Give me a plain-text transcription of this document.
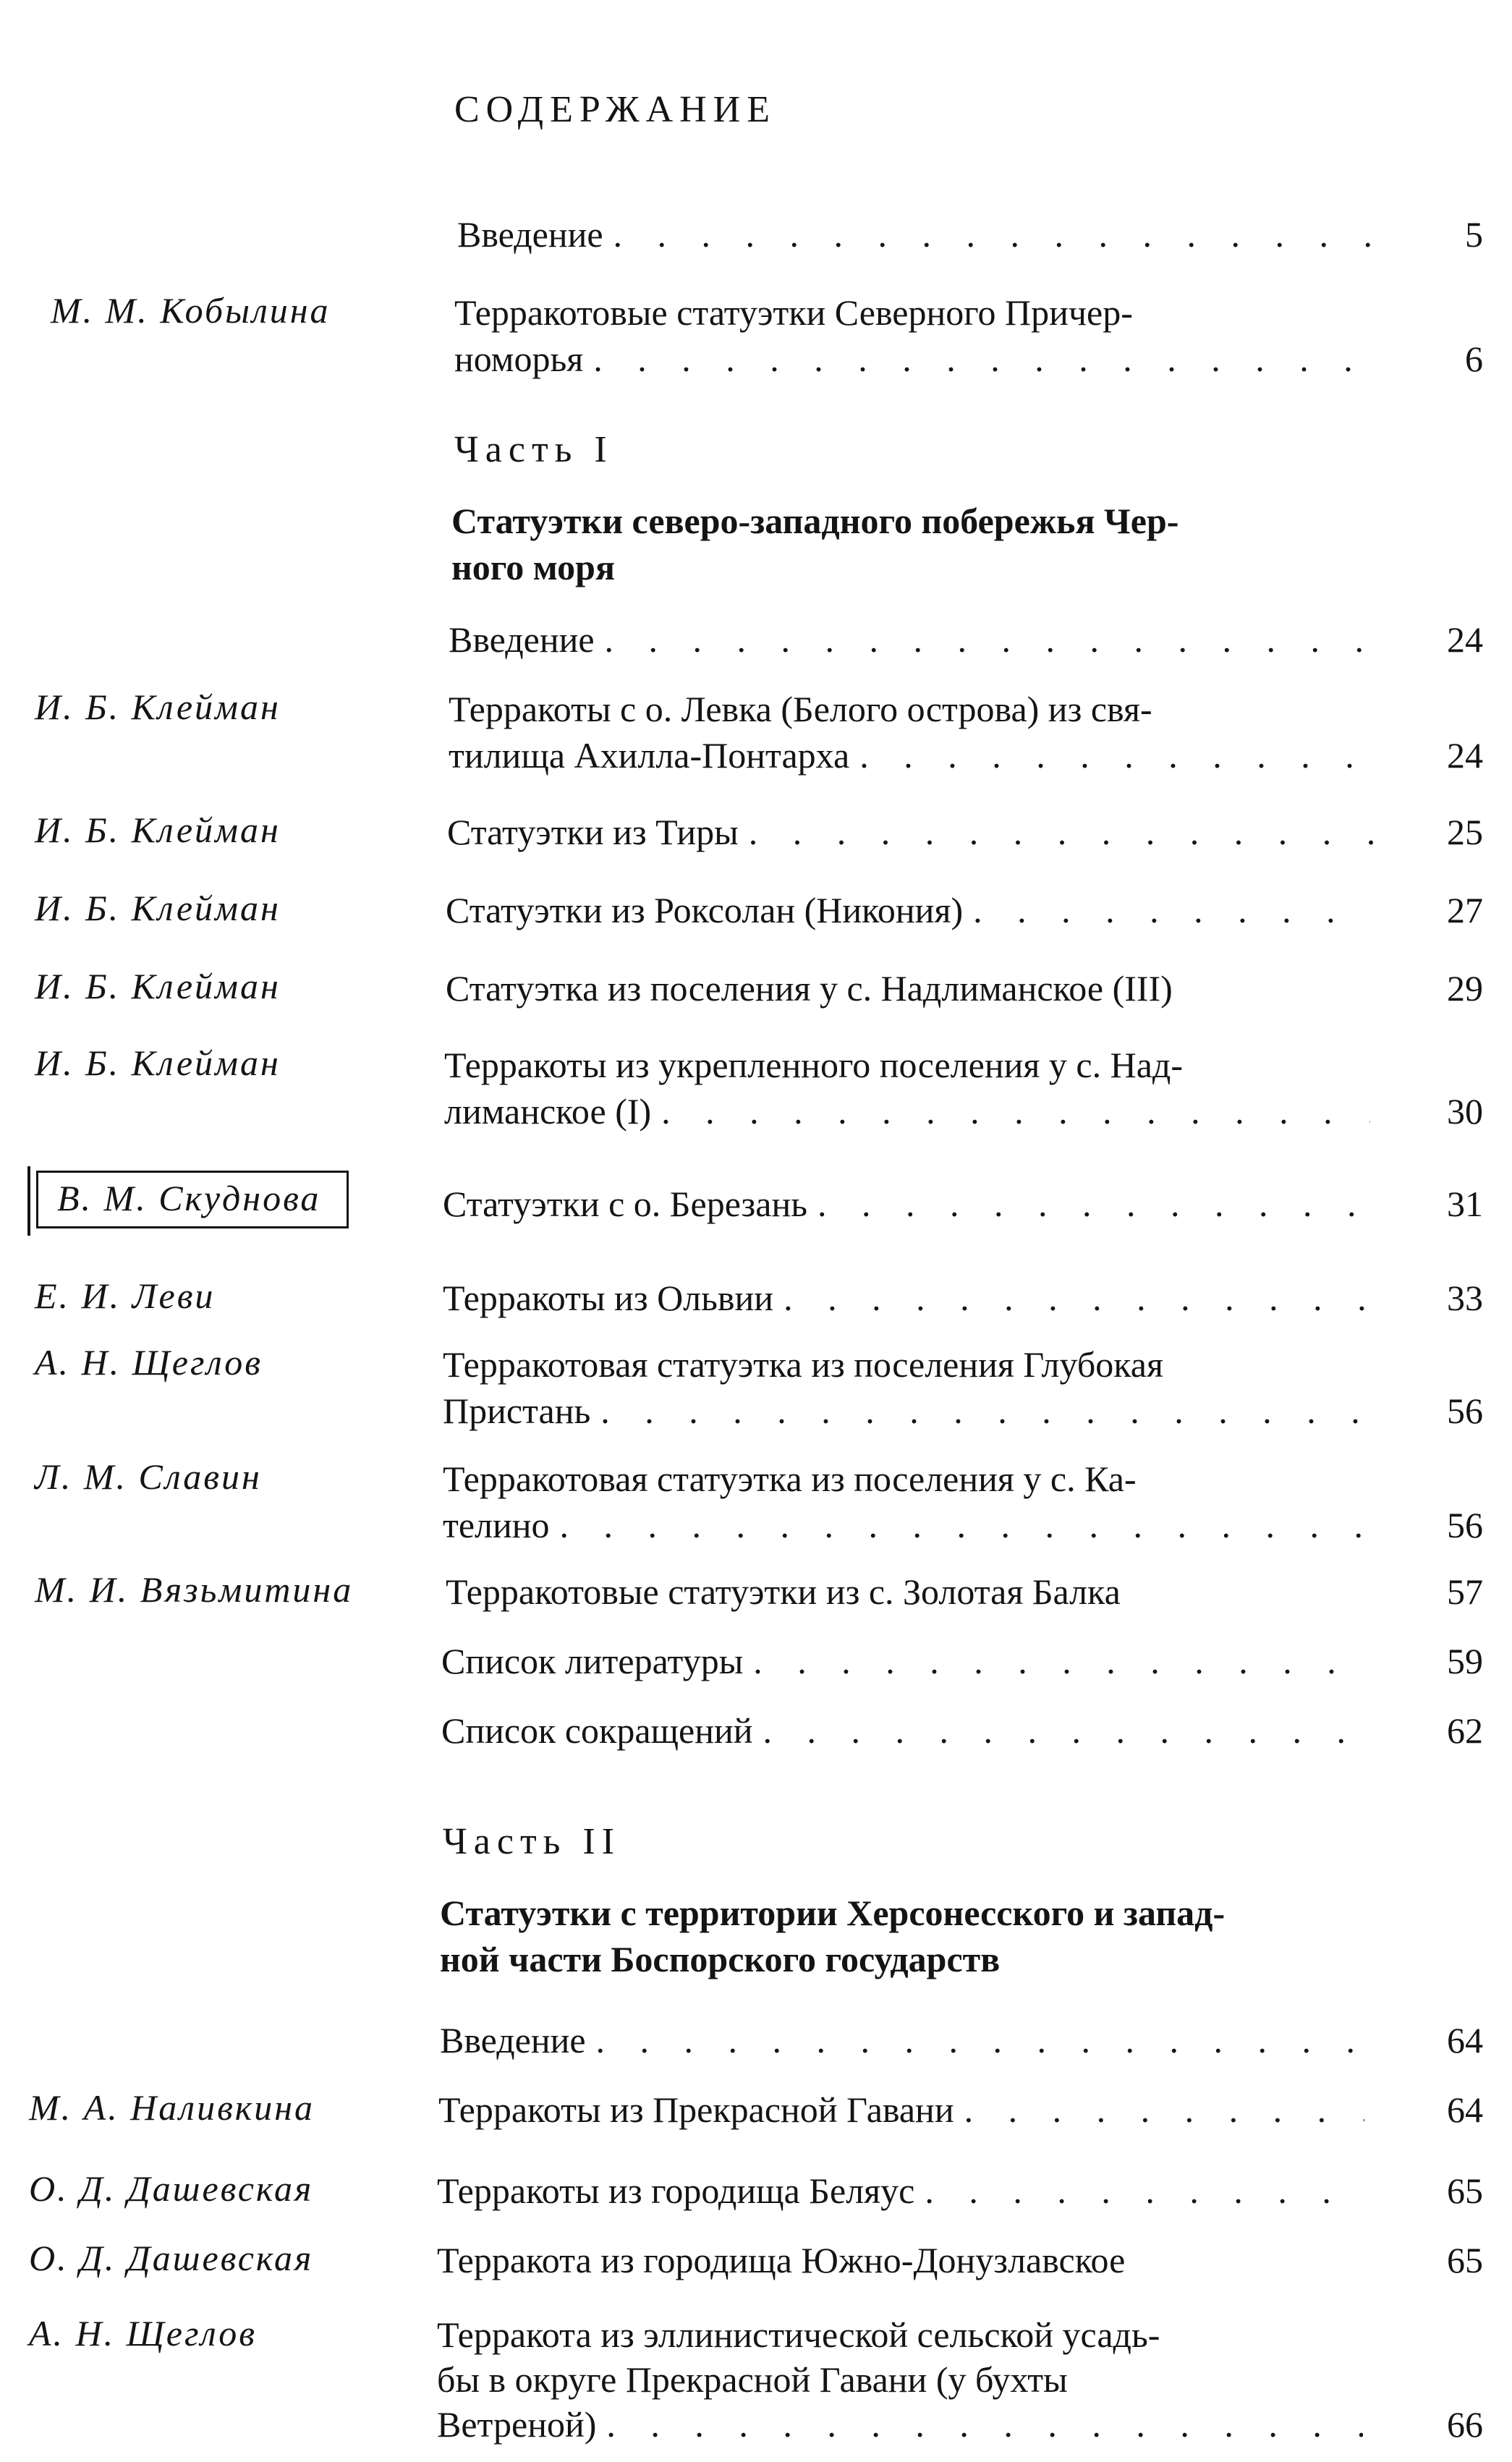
СОДЕРЖАНИЕ
Введение . . .	5
М. М. Кобылина	Терракотовые статуэтки Северного Причер-
номорья . . .	6
Часть I
Статуэтки северо-западного побережья Чер-
ного моря
Введение . . .	24
И. Б. Клейман	Терракоты с о. Левка (Белого острова) из свя-
тилища Ахилла-Понтарха . . .	24
И. Б. Клейман	Статуэтки из Тиры . . .	25
И. Б. Клейман	Статуэтки из Роксолан (Никония) . . .	27
И. Б. Клейман	Статуэтка из поселения у с. Надлиманское (III)	29
И. Б. Клейман	Терракоты из укрепленного поселения у с. Над-
лиманское (I) . . .	30
В. М. Скуднова	Статуэтки с о. Березань . . .	31
Е. И. Леви	Терракоты из Ольвии . . .	33
А. Н. Щеглов	Терракотовая статуэтка из поселения Глубокая
Пристань . . .	56
Л. М. Славин	Терракотовая статуэтка из поселения у с. Ка-
телино . . .	56
М. И. Вязьмитина	Терракотовые статуэтки из с. Золотая Балка	57
Список литературы . . .	59
Список сокращений . . .	62
Часть II
Статуэтки с территории Херсонесского и запад-
ной части Боспорского государств
Введение . . .	64
М. А. Наливкина	Терракоты из Прекрасной Гавани . . .	64
О. Д. Дашевская	Терракоты из городища Беляус . . .	65
О. Д. Дашевская	Терракота из городища Южно-Донузлавское	65
А. Н. Щеглов	Терракота из эллинистической сельской усадь-
бы в округе Прекрасной Гавани (у бухты
Ветреной) . . .	66
